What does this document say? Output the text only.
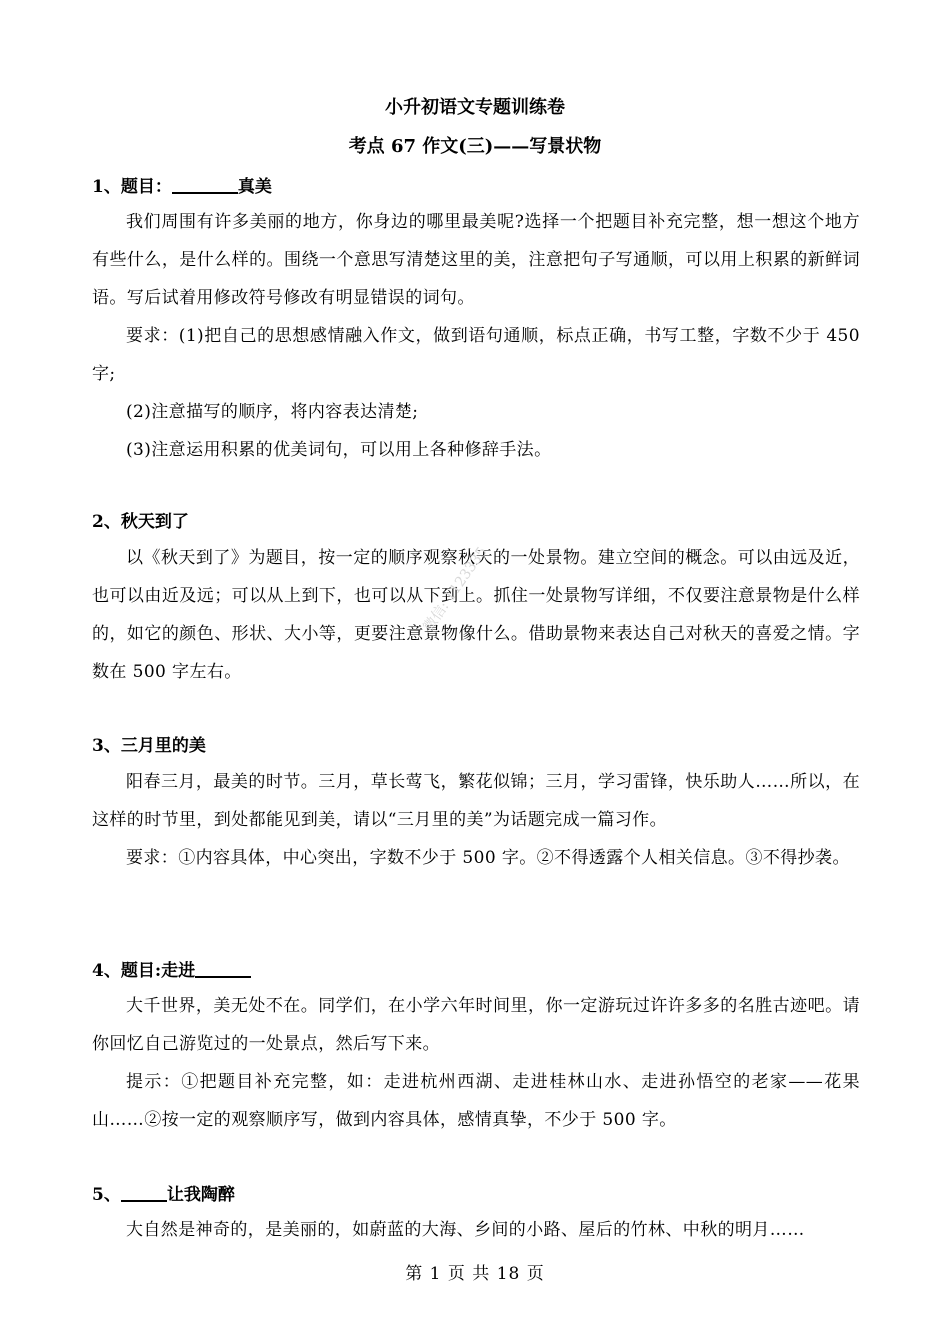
小升初语文专题训练卷
考点 67 作文(三)——写景状物
1、题目：	真美
我们周围有许多美丽的地方，你身边的哪里最美呢?选择一个把题目补充完整，想一想这个地方有些什么，是什么样的。围绕一个意思写清楚这里的美，注意把句子写通顺，可以用上积累的新鲜词语。写后试着用修改符号修改有明显错误的词句。
要求：(1)把自己的思想感情融入作文，做到语句通顺，标点正确，书写工整，字数不少于 450 字;
(2)注意描写的顺序，将内容表达清楚;
(3)注意运用积累的优美词句，可以用上各种修辞手法。
2、秋天到了
以《秋天到了》为题目，按一定的顺序观察秋天的一处景物。建立空间的概念。可以由远及近，也可以由近及远；可以从上到下，也可以从下到上。抓住一处景物写详细，不仅要注意景物是什么样的，如它的颜色、形状、大小等，更要注意景物像什么。借助景物来表达自己对秋天的喜爱之情。字数在 500 字左右。
3、三月里的美
阳春三月，最美的时节。三月，草长莺飞，繁花似锦；三月，学习雷锋，快乐助人……所以，在这样的时节里，到处都能见到美，请以“三月里的美”为话题完成一篇习作。
要求：①内容具体，中心突出，字数不少于 500 字。②不得透露个人相关信息。③不得抄袭。
4、题目:走进
大千世界，美无处不在。同学们，在小学六年时间里，你一定游玩过许许多多的名胜古迹吧。请你回忆自己游览过的一处景点，然后写下来。
提示：①把题目补充完整，如：走进杭州西湖、走进桂林山水、走进孙悟空的老家——花果山……②按一定的观察顺序写，做到内容具体，感情真挚，不少于 500 字。
5、	让我陶醉
大自然是神奇的，是美丽的，如蔚蓝的大海、乡间的小路、屋后的竹林、中秋的明月……
微信: 1123335
第 1 页 共 18 页
